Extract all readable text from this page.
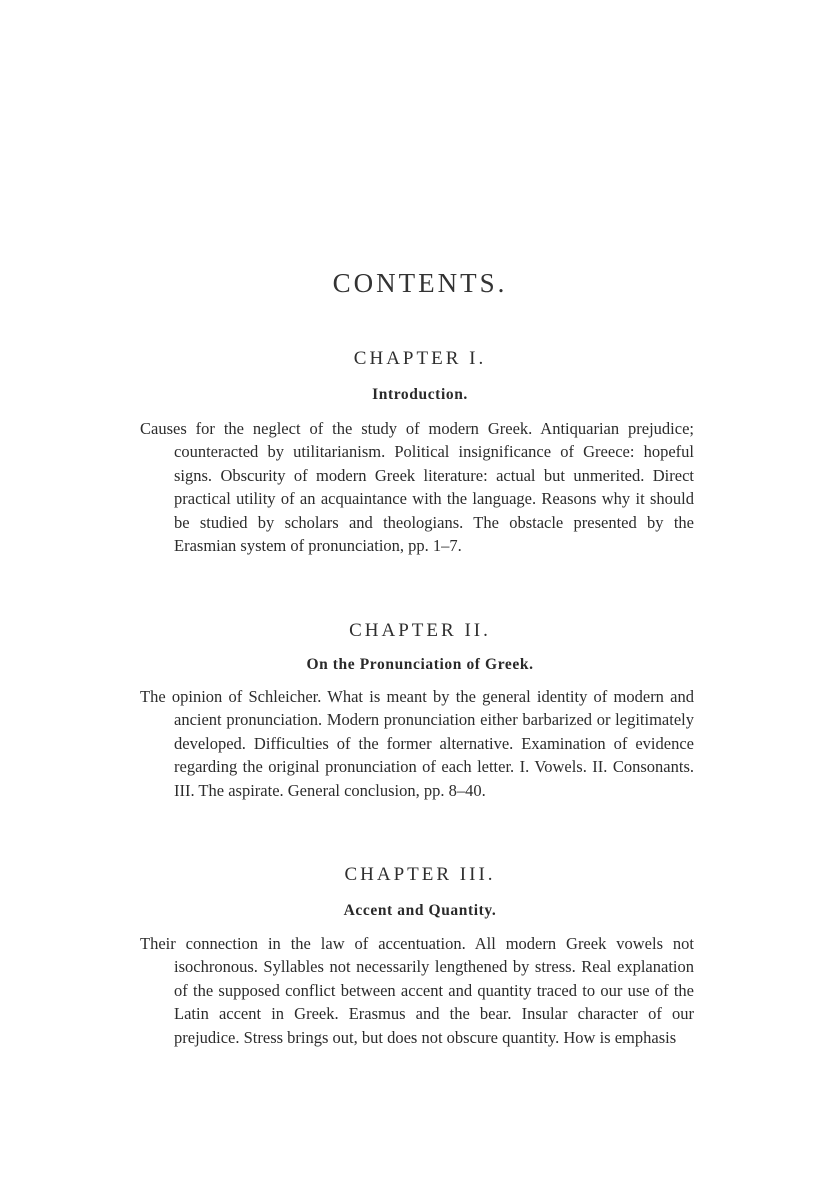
CONTENTS.
CHAPTER I.
Introduction.
Causes for the neglect of the study of modern Greek. Antiquarian prejudice; counteracted by utilitarianism. Political insignificance of Greece: hopeful signs. Obscurity of modern Greek literature: actual but unmerited. Direct practical utility of an acquaintance with the language. Reasons why it should be studied by scholars and theologians. The obstacle presented by the Erasmian system of pronunciation, pp. 1–7.
CHAPTER II.
On the Pronunciation of Greek.
The opinion of Schleicher. What is meant by the general identity of modern and ancient pronunciation. Modern pronunciation either barbarized or legitimately developed. Difficulties of the former alternative. Examination of evidence regarding the original pronunciation of each letter. I. Vowels. II. Consonants. III. The aspirate. General conclusion, pp. 8–40.
CHAPTER III.
Accent and Quantity.
Their connection in the law of accentuation. All modern Greek vowels not isochronous. Syllables not necessarily lengthened by stress. Real explanation of the supposed conflict between accent and quantity traced to our use of the Latin accent in Greek. Erasmus and the bear. Insular character of our prejudice. Stress brings out, but does not obscure quantity. How is emphasis
